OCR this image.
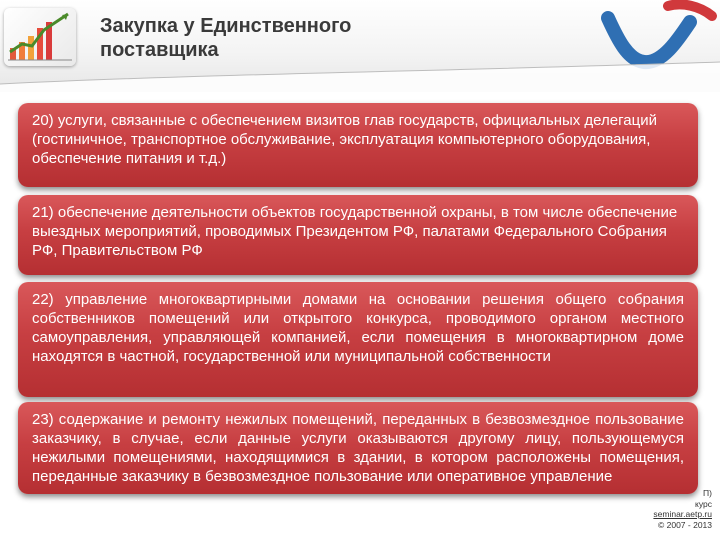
Закупка у Единственного
поставщика
20) услуги, связанные с обеспечением визитов глав государств, официальных делегаций (гостиничное, транспортное обслуживание, эксплуатация компьютерного оборудования, обеспечение питания и т.д.)
21) обеспечение деятельности объектов государственной охраны, в том числе обеспечение выездных мероприятий, проводимых Президентом РФ, палатами Федерального Собрания РФ, Правительством РФ
22) управление многоквартирными домами на основании решения общего собрания собственников помещений или открытого конкурса, проводимого органом местного самоуправления, управляющей компанией, если помещения в многоквартирном доме находятся в частной, государственной или муниципальной собственности
23) содержание и ремонту нежилых помещений, переданных в безвозмездное пользование заказчику, в случае, если данные услуги оказываются другому лицу, пользующемуся нежилыми помещениями, находящимися в здании, в котором расположены помещения, переданные заказчику в безвозмездное пользование или оперативное управление
П)
курс
seminar.aetp.ru
© 2007 - 2013
